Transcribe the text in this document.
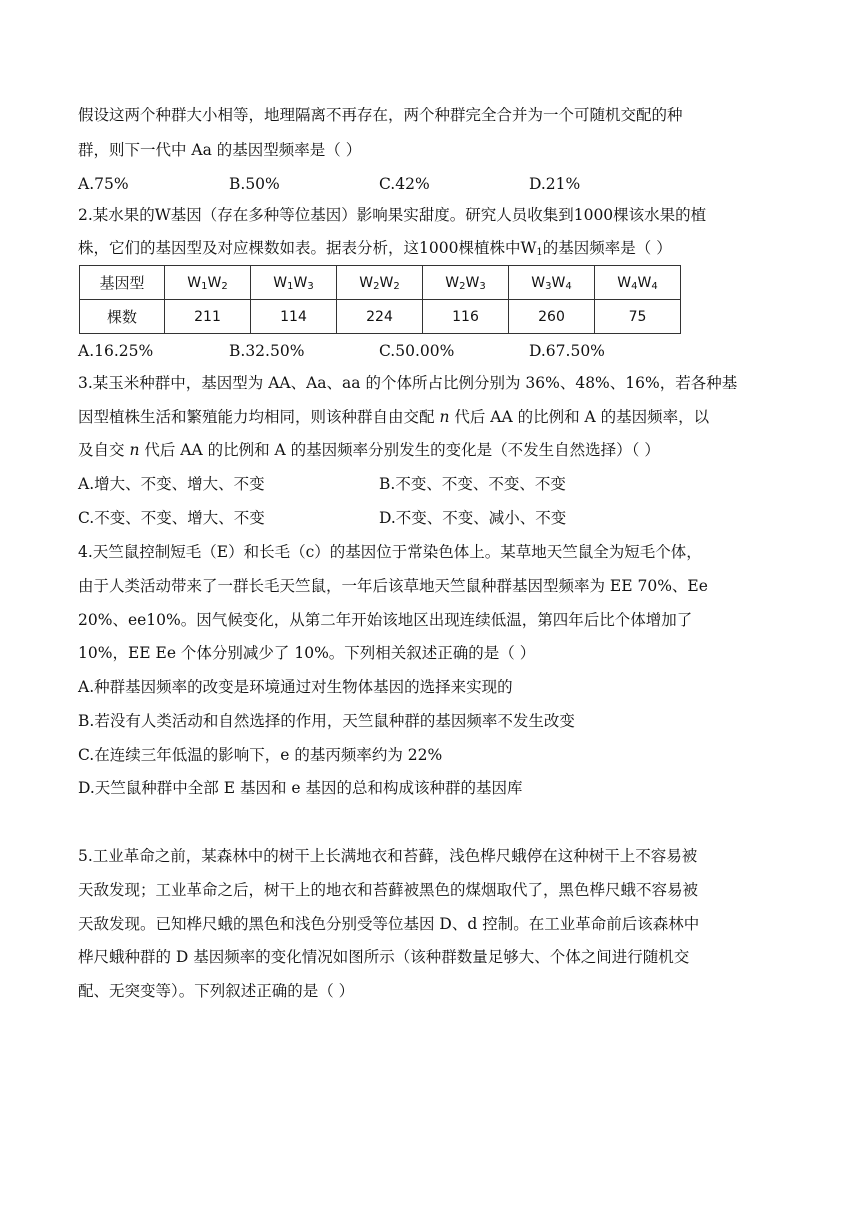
假设这两个种群大小相等，地理隔离不再存在，两个种群完全合并为一个可随机交配的种
群，则下一代中 Aa 的基因型频率是（ ）
A.75%	B.50%	C.42%	D.21%
2.某水果的W基因（存在多种等位基因）影响果实甜度。研究人员收集到1000棵该水果的植
株，它们的基因型及对应棵数如表。据表分析，这1000棵植株中$W_1$的基因频率是（ ）
基因型	$W_1W_2$	$W_1W_3$	$W_2W_2$	$W_2W_3$	$W_3W_4$	$W_4W_4$
棵数	211	114	224	116	260	75
A.16.25%	B.32.50%	C.50.00%	D.67.50%
3.某玉米种群中，基因型为 AA、Aa、aa 的个体所占比例分别为 36%、48%、16%，若各种基
因型植株生活和繁殖能力均相同，则该种群自由交配 n 代后 AA 的比例和 A 的基因频率，以
及自交 n 代后 AA 的比例和 A 的基因频率分别发生的变化是（不发生自然选择）（ ）
A.增大、不变、增大、不变	B.不变、不变、不变、不变
C.不变、不变、增大、不变	D.不变、不变、减小、不变
4.天竺鼠控制短毛（E）和长毛（c）的基因位于常染色体上。某草地天竺鼠全为短毛个体，
由于人类活动带来了一群长毛天竺鼠，一年后该草地天竺鼠种群基因型频率为 EE 70%、Ee
20%、ee10%。因气候变化，从第二年开始该地区出现连续低温，第四年后比个体增加了
10%，EE Ee 个体分别减少了 10%。下列相关叙述正确的是（ ）
A.种群基因频率的改变是环境通过对生物体基因的选择来实现的
B.若没有人类活动和自然选择的作用，天竺鼠种群的基因频率不发生改变
C.在连续三年低温的影响下，e 的基丙频率约为 22%
D.天竺鼠种群中全部 E 基因和 e 基因的总和构成该种群的基因库
5.工业革命之前，某森林中的树干上长满地衣和苔藓，浅色桦尺蛾停在这种树干上不容易被
天敌发现；工业革命之后，树干上的地衣和苔藓被黑色的煤烟取代了，黑色桦尺蛾不容易被
天敌发现。已知桦尺蛾的黑色和浅色分别受等位基因 D、d 控制。在工业革命前后该森林中
桦尺蛾种群的 D 基因频率的变化情况如图所示（该种群数量足够大、个体之间进行随机交
配、无突变等）。下列叙述正确的是（ ）
